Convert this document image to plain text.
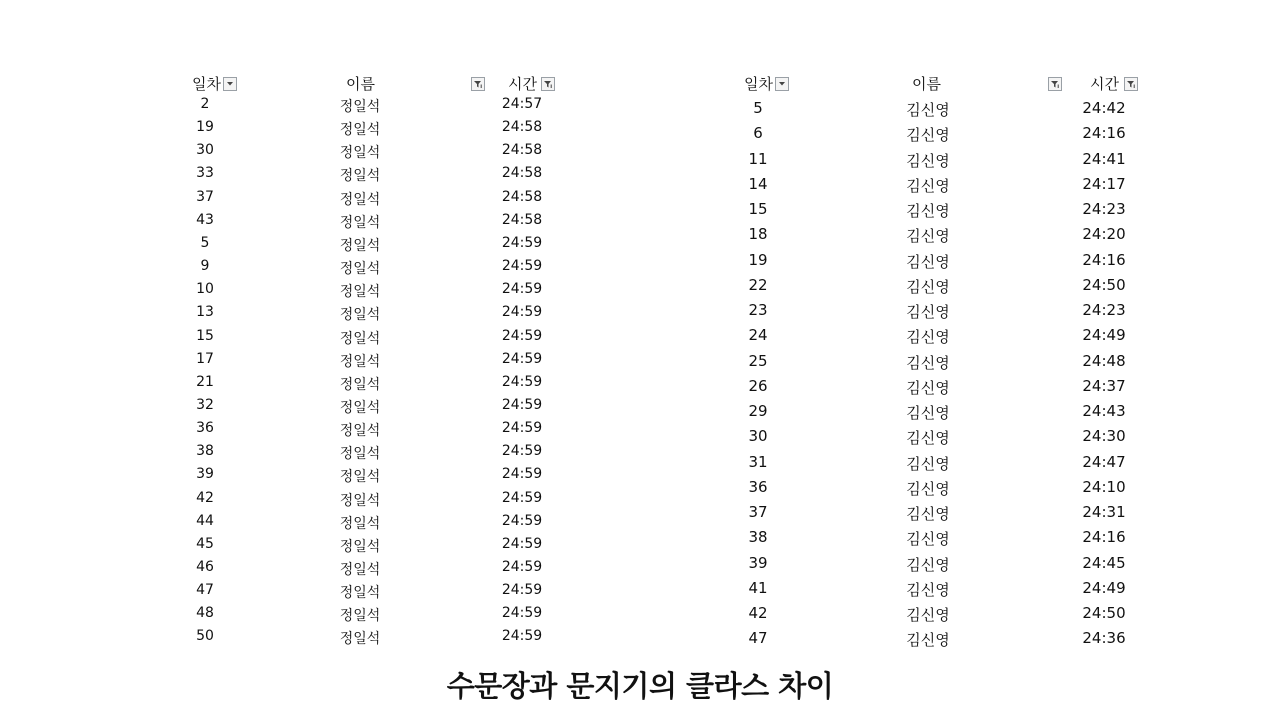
일차	이름	시간
2	정일석	24:57
19	정일석	24:58
30	정일석	24:58
33	정일석	24:58
37	정일석	24:58
43	정일석	24:58
5	정일석	24:59
9	정일석	24:59
10	정일석	24:59
13	정일석	24:59
15	정일석	24:59
17	정일석	24:59
21	정일석	24:59
32	정일석	24:59
36	정일석	24:59
38	정일석	24:59
39	정일석	24:59
42	정일석	24:59
44	정일석	24:59
45	정일석	24:59
46	정일석	24:59
47	정일석	24:59
48	정일석	24:59
50	정일석	24:59
일차	이름	시간
5	김신영	24:42
6	김신영	24:16
11	김신영	24:41
14	김신영	24:17
15	김신영	24:23
18	김신영	24:20
19	김신영	24:16
22	김신영	24:50
23	김신영	24:23
24	김신영	24:49
25	김신영	24:48
26	김신영	24:37
29	김신영	24:43
30	김신영	24:30
31	김신영	24:47
36	김신영	24:10
37	김신영	24:31
38	김신영	24:16
39	김신영	24:45
41	김신영	24:49
42	김신영	24:50
47	김신영	24:36
수문장과 문지기의 클라스 차이
